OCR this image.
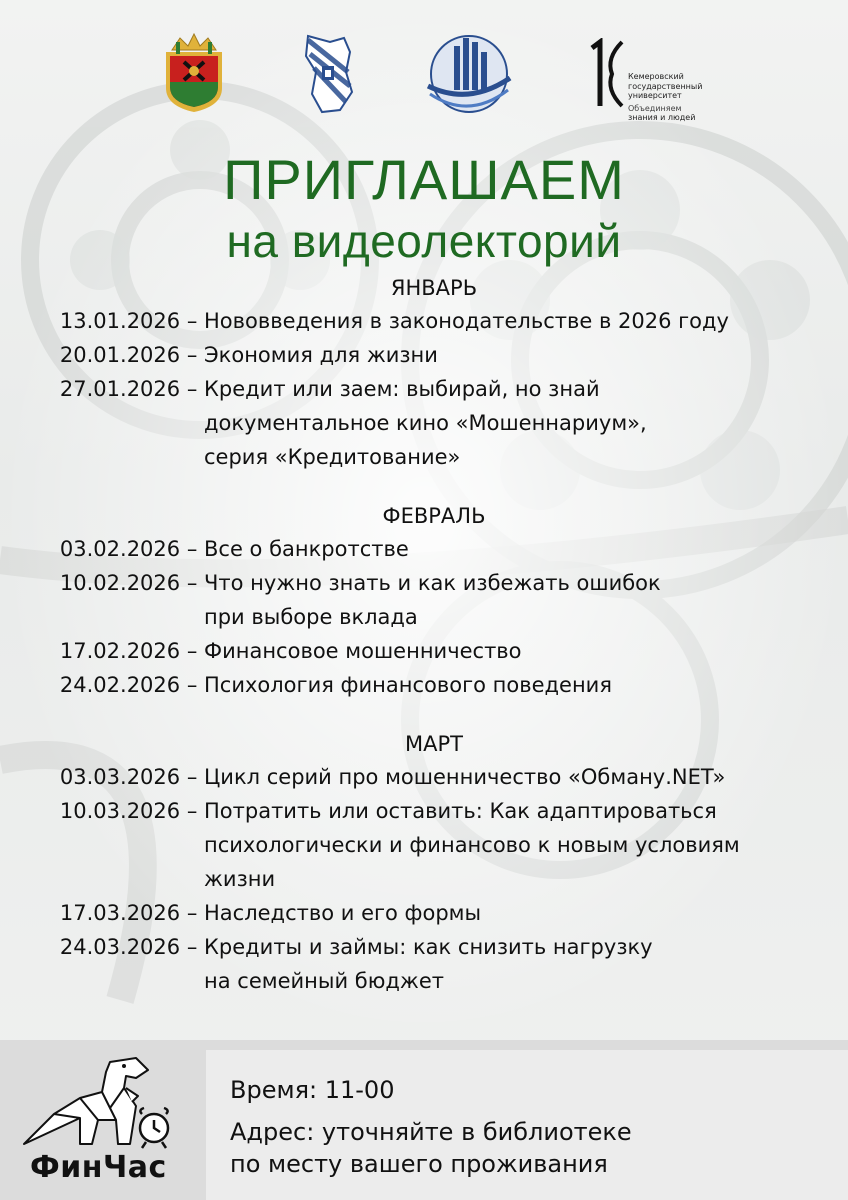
Кемеровский
государственный
университет
Объединяем
знания и людей
ПРИГЛАШАЕМ
на видеолекторий
ЯНВАРЬ
13.01.2026 – Нововведения в законодательстве в 2026 году
20.01.2026 – Экономия для жизни
27.01.2026 – Кредит или заем: выбирай, но знай
документальное кино «Мошеннариум»,
серия «Кредитование»
ФЕВРАЛЬ
03.02.2026 – Все о банкротстве
10.02.2026 – Что нужно знать и как избежать ошибок
при выборе вклада
17.02.2026 – Финансовое мошенничество
24.02.2026 – Психология финансового поведения
МАРТ
03.03.2026 – Цикл серий про мошенничество «Обману.NET»
10.03.2026 – Потратить или оставить: Как адаптироваться
психологически и финансово к новым условиям
жизни
17.03.2026 – Наследство и его формы
24.03.2026 – Кредиты и займы: как снизить нагрузку
на семейный бюджет
ФинЧас
Время: 11-00
Адрес: уточняйте в библиотеке
по месту вашего проживания
